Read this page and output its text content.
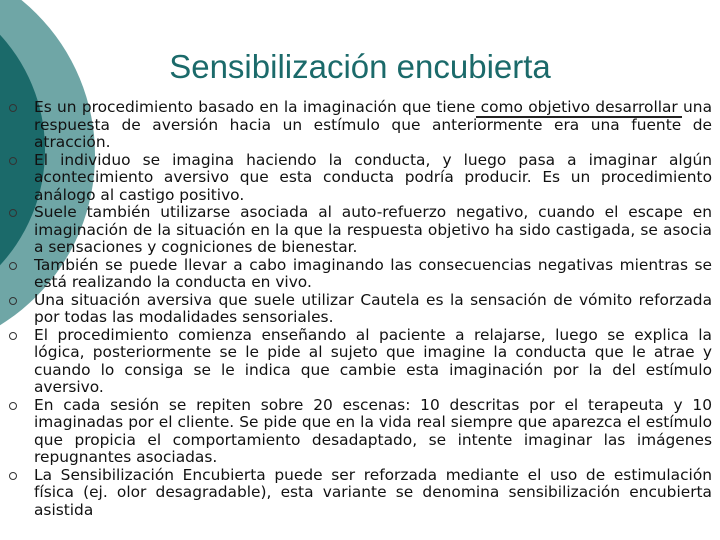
Sensibilización encubierta
Es un procedimiento basado en la imaginación que tiene como objetivo desarrollar una respuesta de aversión hacia un estímulo que anteriormente era una fuente de atracción.
El individuo se imagina haciendo la conducta, y luego pasa a imaginar algún acontecimiento aversivo que esta conducta podría producir. Es un procedimiento análogo al castigo positivo.
Suele también utilizarse asociada al auto-refuerzo negativo, cuando el escape en imaginación de la situación en la que la respuesta objetivo ha sido castigada, se asocia a sensaciones y cogniciones de bienestar.
También se puede llevar a cabo imaginando las consecuencias negativas mientras se está realizando la conducta en vivo.
Una situación aversiva que suele utilizar Cautela es la sensación de vómito reforzada por todas las modalidades sensoriales.
El procedimiento comienza enseñando al paciente a relajarse, luego se explica la lógica, posteriormente se le pide al sujeto que imagine la conducta que le atrae y cuando lo consiga se le indica que cambie esta imaginación por la del estímulo aversivo.
En cada sesión se repiten sobre 20 escenas: 10 descritas por el terapeuta y 10 imaginadas por el cliente. Se pide que en la vida real siempre que aparezca el estímulo que propicia el comportamiento desadaptado, se intente imaginar las imágenes repugnantes asociadas.
La Sensibilización Encubierta puede ser reforzada mediante el uso de estimulación física (ej. olor desagradable), esta variante se denomina sensibilización encubierta asistida
